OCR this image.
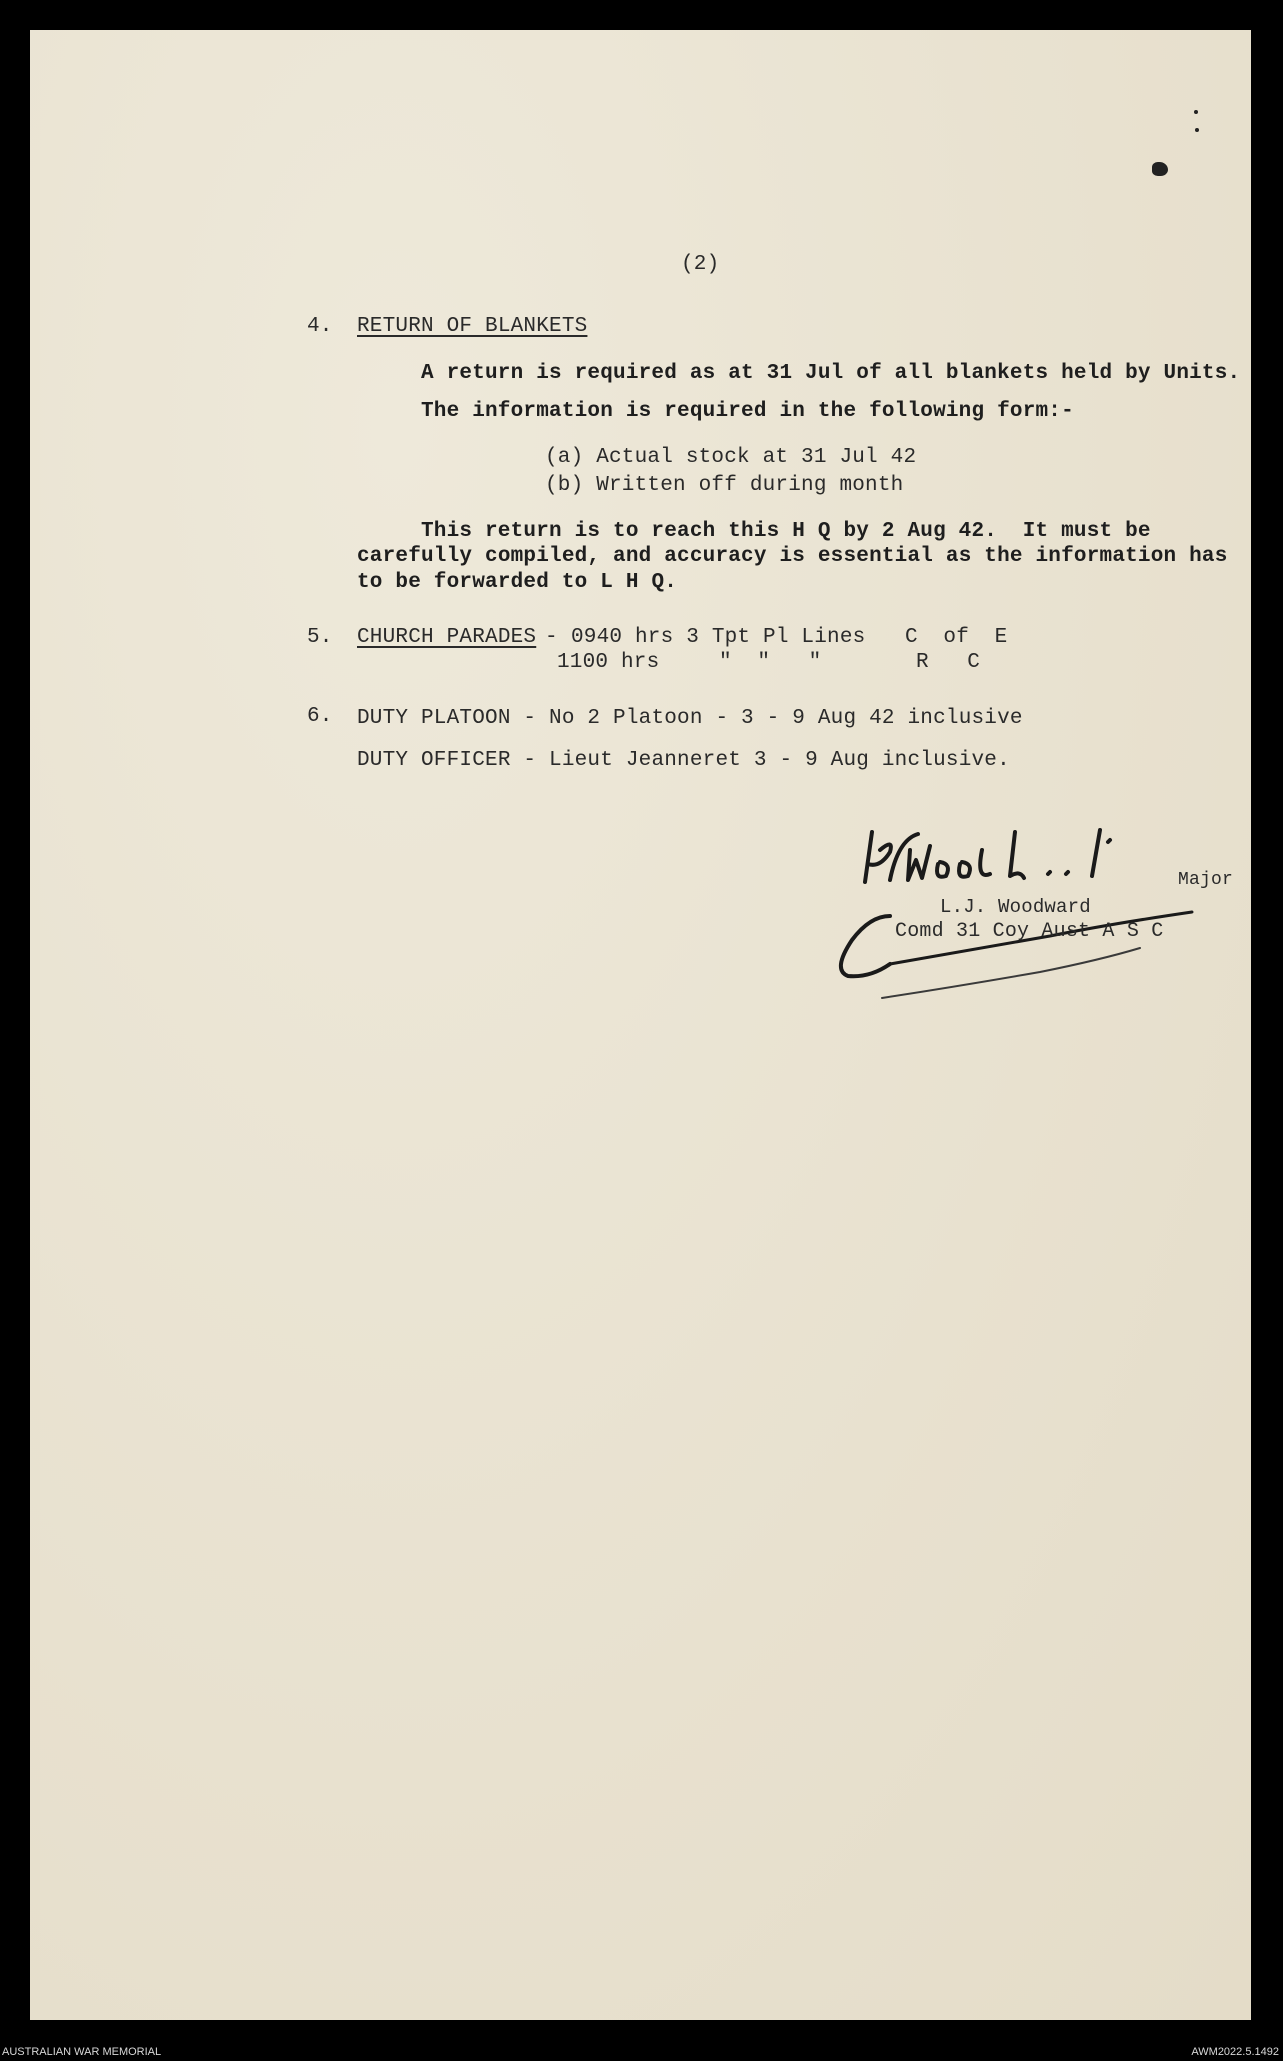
(2)
4. RETURN OF BLANKETS
A return is required as at 31 Jul of all blankets held by Units.
The information is required in the following form:-
(a) Actual stock at 31 Jul 42
(b) Written off during month
This return is to reach this H Q by 2 Aug 42.  It must be
carefully compiled, and accuracy is essential as the information has
to be forwarded to L H Q.
5. CHURCH PARADES - 0940 hrs 3 Tpt Pl Lines C  of  E
1100 hrs	"  "   "	R   C
6. DUTY PLATOON - No 2 Platoon - 3 - 9 Aug 42 inclusive
DUTY OFFICER - Lieut Jeanneret 3 - 9 Aug inclusive.
Major
L.J. Woodward
Comd 31 Coy Aust A S C
AUSTRALIAN WAR MEMORIAL	AWM2022.5.1492
